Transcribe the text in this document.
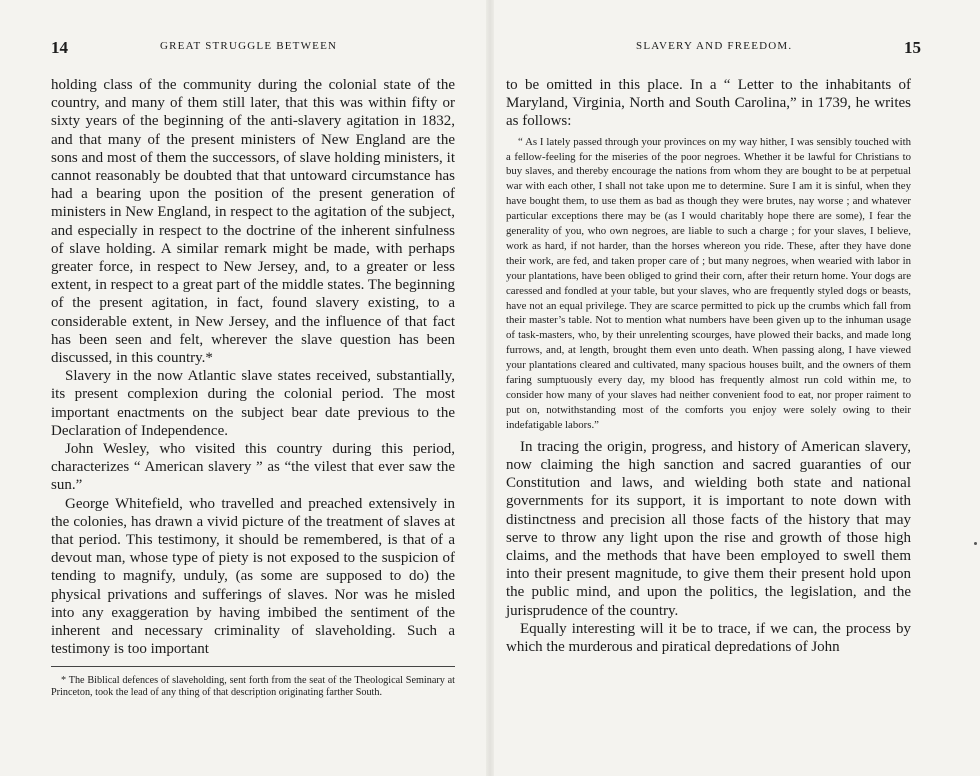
14	GREAT STRUGGLE BETWEEN

holding class of the community during the colonial state of the country, and many of them still later, that this was within fifty or sixty years of the beginning of the anti-slavery agitation in 1832, and that many of the present ministers of New England are the sons and most of them the successors, of slave holding ministers, it cannot reasonably be doubted that that untoward circumstance has had a bearing upon the position of the present generation of ministers in New England, in respect to the agitation of the subject, and especially in respect to the doctrine of the inherent sinfulness of slave holding. A similar remark might be made, with perhaps greater force, in respect to New Jersey, and, to a greater or less extent, in respect to a great part of the middle states. The beginning of the present agitation, in fact, found slavery existing, to a considerable extent, in New Jersey, and the influence of that fact has been seen and felt, wherever the slave question has been discussed, in this country.*

Slavery in the now Atlantic slave states received, substantially, its present complexion during the colonial period. The most important enactments on the subject bear date previous to the Declaration of Independence.

John Wesley, who visited this country during this period, characterizes “ American slavery ” as “the vilest that ever saw the sun.”

George Whitefield, who travelled and preached extensively in the colonies, has drawn a vivid picture of the treatment of slaves at that period. This testimony, it should be remembered, is that of a devout man, whose type of piety is not exposed to the suspicion of tending to magnify, unduly, (as some are supposed to do) the physical privations and sufferings of slaves. Nor was he misled into any exaggeration by having imbibed the sentiment of the inherent and necessary criminality of slaveholding. Such a testimony is too important

* The Biblical defences of slaveholding, sent forth from the seat of the Theological Seminary at Princeton, took the lead of any thing of that description originating farther South.

SLAVERY AND FREEDOM.	15

to be omitted in this place. In a “ Letter to the inhabitants of Maryland, Virginia, North and South Carolina,” in 1739, he writes as follows:

“ As I lately passed through your provinces on my way hither, I was sensibly touched with a fellow-feeling for the miseries of the poor negroes. Whether it be lawful for Christians to buy slaves, and thereby encourage the nations from whom they are bought to be at perpetual war with each other, I shall not take upon me to determine. Sure I am it is sinful, when they have bought them, to use them as bad as though they were brutes, nay worse ; and whatever particular exceptions there may be (as I would charitably hope there are some), I fear the generality of you, who own negroes, are liable to such a charge ; for your slaves, I believe, work as hard, if not harder, than the horses whereon you ride. These, after they have done their work, are fed, and taken proper care of ; but many negroes, when wearied with labor in your plantations, have been obliged to grind their corn, after their return home. Your dogs are caressed and fondled at your table, but your slaves, who are frequently styled dogs or beasts, have not an equal privilege. They are scarce permitted to pick up the crumbs which fall from their master’s table. Not to mention what numbers have been given up to the inhuman usage of task-masters, who, by their unrelenting scourges, have plowed their backs, and made long furrows, and, at length, brought them even unto death. When passing along, I have viewed your plantations cleared and cultivated, many spacious houses built, and the owners of them faring sumptuously every day, my blood has frequently almost run cold within me, to consider how many of your slaves had neither convenient food to eat, nor proper raiment to put on, notwithstanding most of the comforts you enjoy were solely owing to their indefatigable labors.”

In tracing the origin, progress, and history of American slavery, now claiming the high sanction and sacred guaranties of our Constitution and laws, and wielding both state and national governments for its support, it is important to note down with distinctness and precision all those facts of the history that may serve to throw any light upon the rise and growth of those high claims, and the methods that have been employed to swell them into their present magnitude, to give them their present hold upon the public mind, and upon the politics, the legislation, and the jurisprudence of the country.

Equally interesting will it be to trace, if we can, the process by which the murderous and piratical depredations of John
